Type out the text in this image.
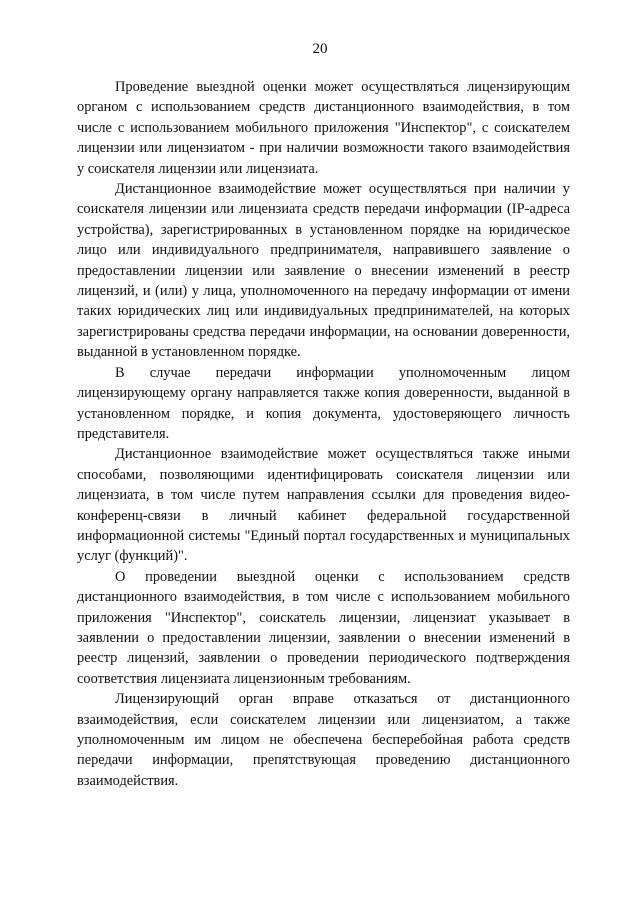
20

Проведение выездной оценки может осуществляться лицензирующим органом с использованием средств дистанционного взаимодействия, в том числе с использованием мобильного приложения "Инспектор", с соискателем лицензии или лицензиатом - при наличии возможности такого взаимодействия у соискателя лицензии или лицензиата.

Дистанционное взаимодействие может осуществляться при наличии у соискателя лицензии или лицензиата средств передачи информации (IP-адреса устройства), зарегистрированных в установленном порядке на юридическое лицо или индивидуального предпринимателя, направившего заявление о предоставлении лицензии или заявление о внесении изменений в реестр лицензий, и (или) у лица, уполномоченного на передачу информации от имени таких юридических лиц или индивидуальных предпринимателей, на которых зарегистрированы средства передачи информации, на основании доверенности, выданной в установленном порядке.

В случае передачи информации уполномоченным лицом лицензирующему органу направляется также копия доверенности, выданной в установленном порядке, и копия документа, удостоверяющего личность представителя.

Дистанционное взаимодействие может осуществляться также иными способами, позволяющими идентифицировать соискателя лицензии или лицензиата, в том числе путем направления ссылки для проведения видео-конференц-связи в личный кабинет федеральной государственной информационной системы "Единый портал государственных и муниципальных услуг (функций)".

О проведении выездной оценки с использованием средств дистанционного взаимодействия, в том числе с использованием мобильного приложения "Инспектор", соискатель лицензии, лицензиат указывает в заявлении о предоставлении лицензии, заявлении о внесении изменений в реестр лицензий, заявлении о проведении периодического подтверждения соответствия лицензиата лицензионным требованиям.

Лицензирующий орган вправе отказаться от дистанционного взаимодействия, если соискателем лицензии или лицензиатом, а также уполномоченным им лицом не обеспечена бесперебойная работа средств передачи информации, препятствующая проведению дистанционного взаимодействия.
